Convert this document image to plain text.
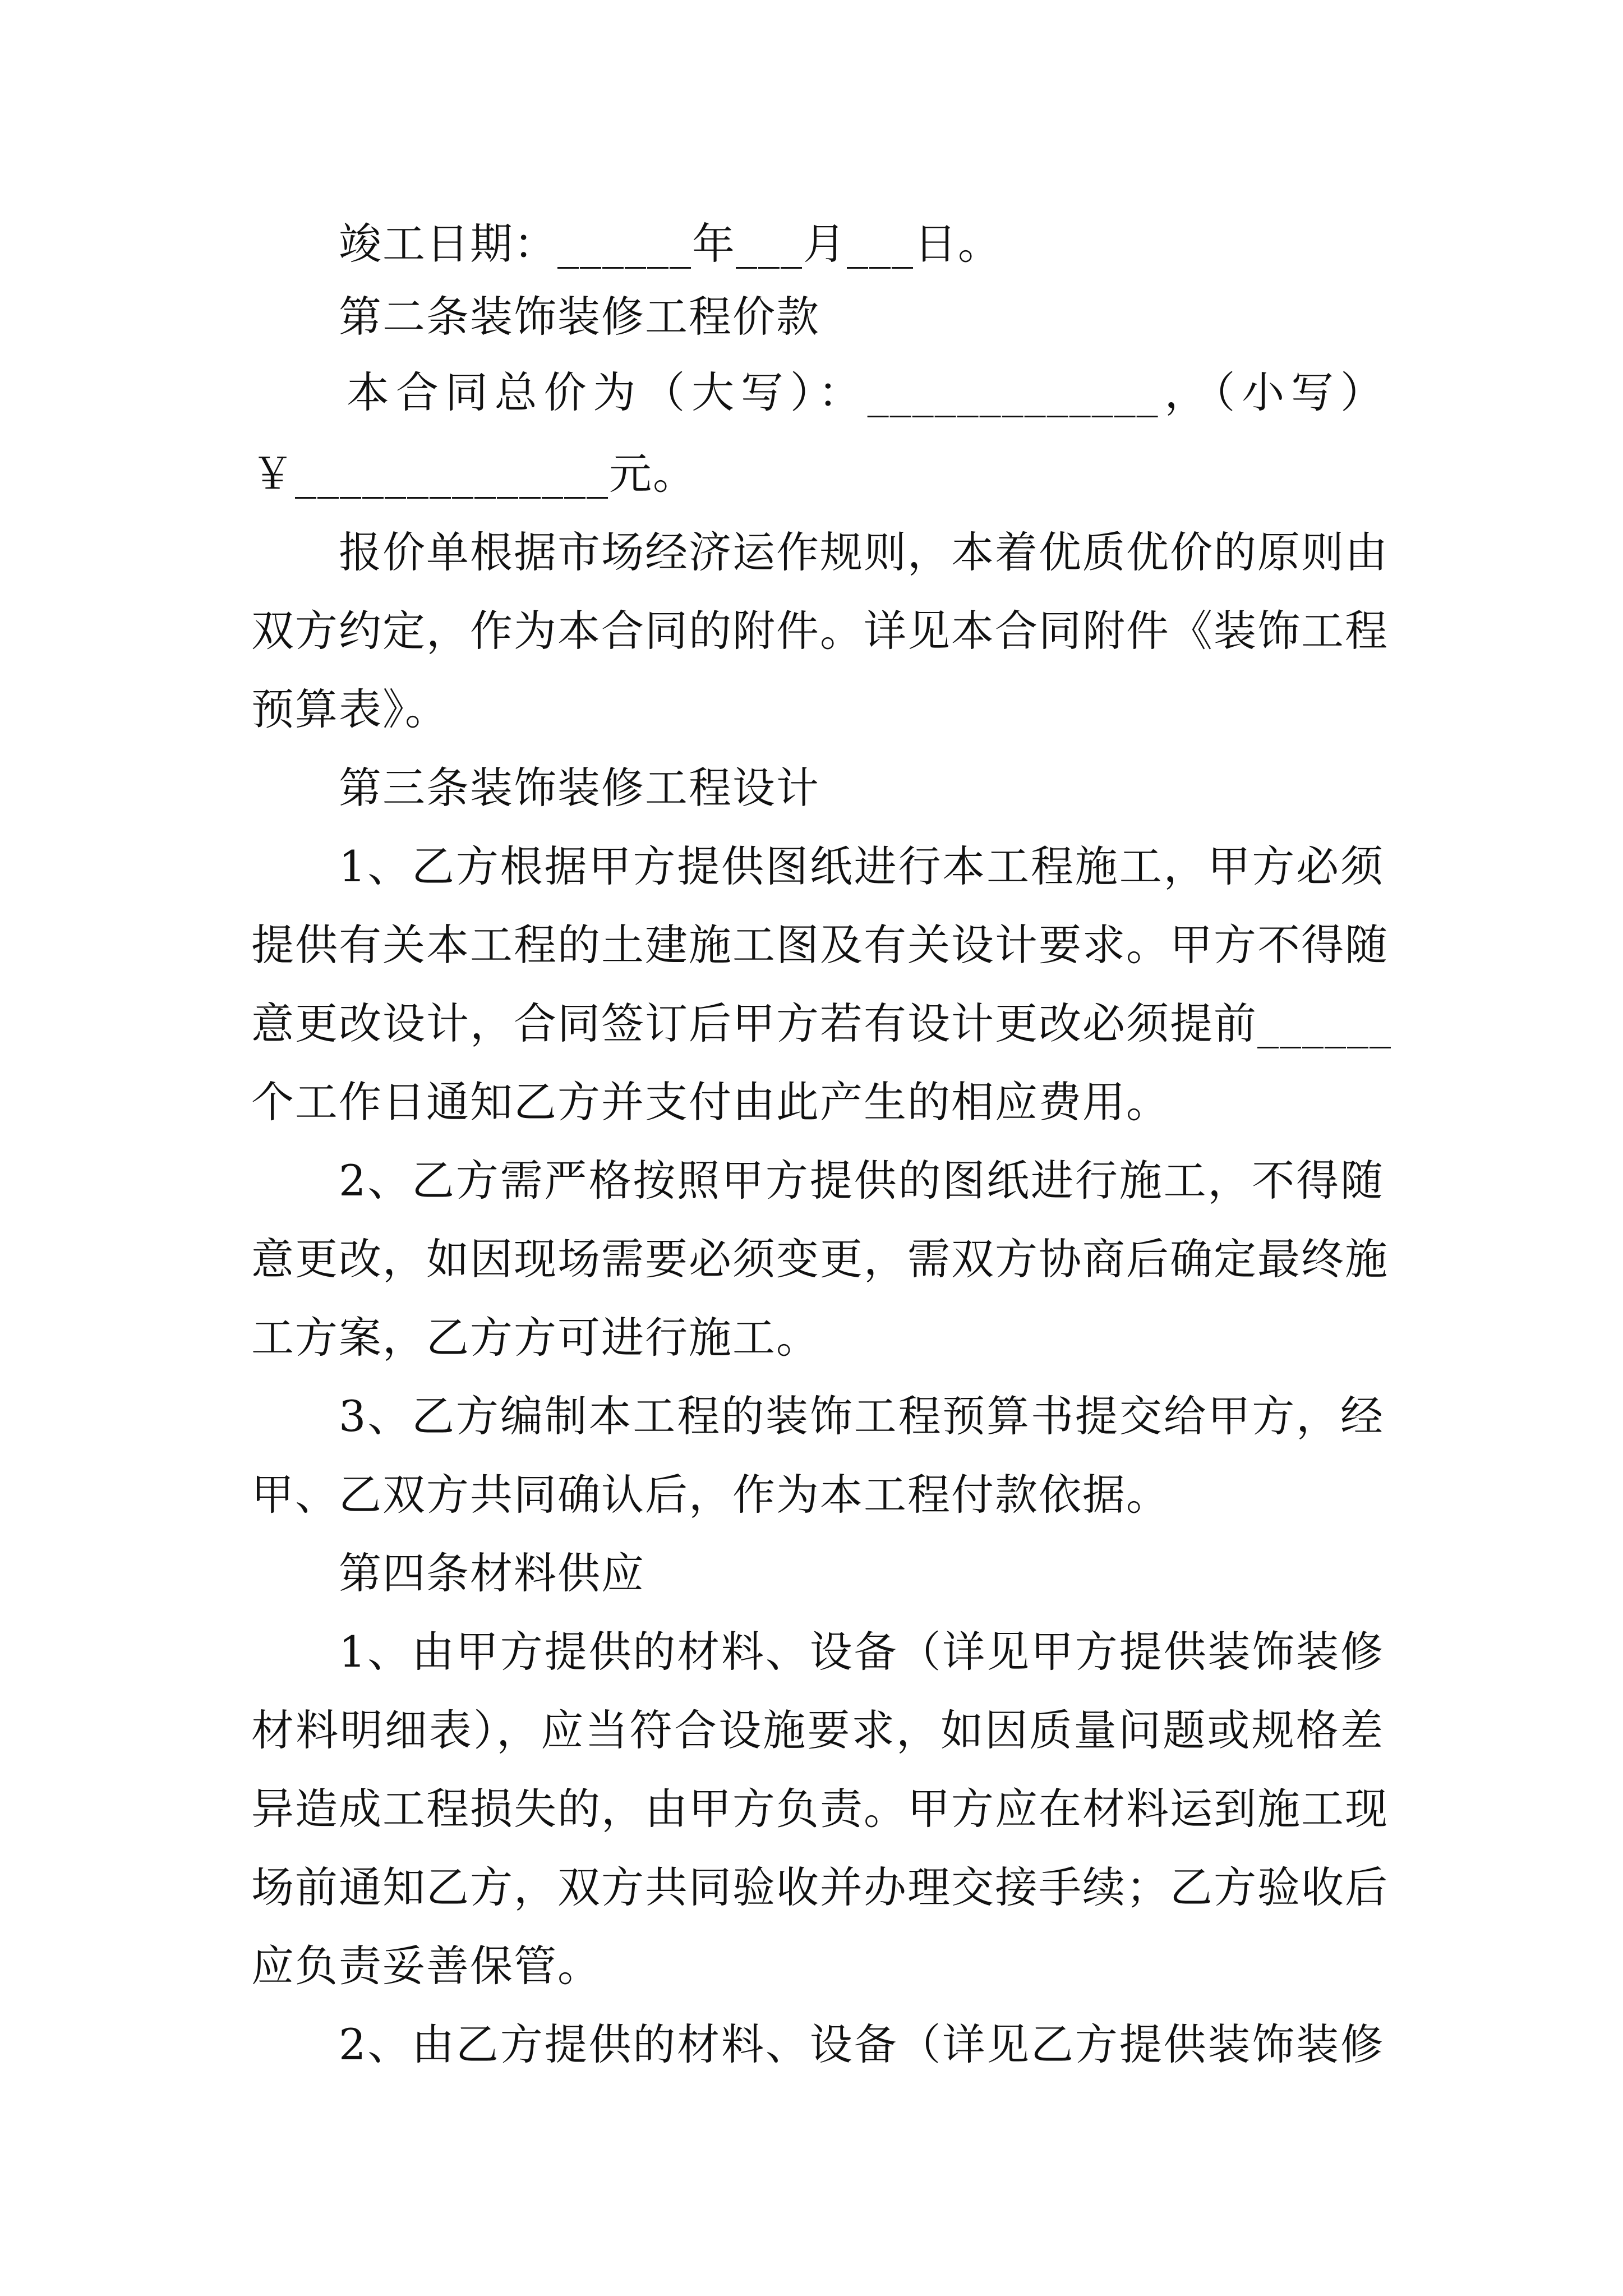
竣工日期：______年___月___日。
第二条装饰装修工程价款
本合同总价为（大写）：_____________，（小写）
￥______________元。
报价单根据市场经济运作规则，本着优质优价的原则由
双方约定，作为本合同的附件。详见本合同附件《装饰工程
预算表》。
第三条装饰装修工程设计
1、乙方根据甲方提供图纸进行本工程施工，甲方必须
提供有关本工程的土建施工图及有关设计要求。甲方不得随
意更改设计，合同签订后甲方若有设计更改必须提前______
个工作日通知乙方并支付由此产生的相应费用。
2、乙方需严格按照甲方提供的图纸进行施工，不得随
意更改，如因现场需要必须变更，需双方协商后确定最终施
工方案，乙方方可进行施工。
3、乙方编制本工程的装饰工程预算书提交给甲方，经
甲、乙双方共同确认后，作为本工程付款依据。
第四条材料供应
1、由甲方提供的材料、设备（详见甲方提供装饰装修
材料明细表），应当符合设施要求，如因质量问题或规格差
异造成工程损失的，由甲方负责。甲方应在材料运到施工现
场前通知乙方，双方共同验收并办理交接手续；乙方验收后
应负责妥善保管。
2、由乙方提供的材料、设备（详见乙方提供装饰装修
